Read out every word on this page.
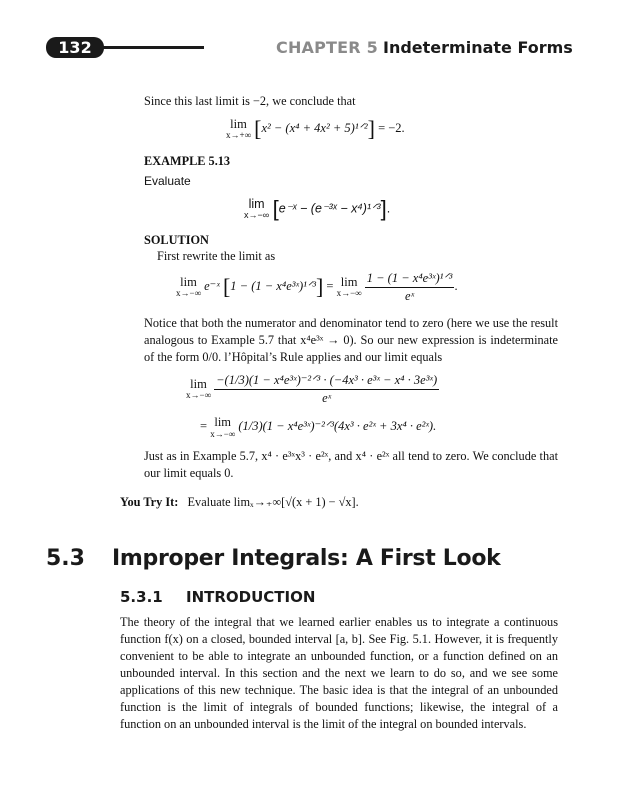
132	CHAPTER 5 Indeterminate Forms
Since this last limit is −2, we conclude that
lim
x→+∞ [x² − (x⁴ + 4x² + 5)¹ᐟ²] = −2.
EXAMPLE 5.13
Evaluate
lim
x→−∞ [e⁻ˣ − (e⁻³ˣ − x⁴)¹ᐟ³].
SOLUTION
First rewrite the limit as
lim
x→−∞
e⁻ˣ [1 − (1 − x⁴e³ˣ)¹ᐟ³] = lim
x→−∞
$\frac{\text{1 − (1 − x⁴e³ˣ)¹ᐟ³}}{\text{eˣ}}$ .
Notice that both the numerator and denominator tend to zero (here we use the result analogous to Example 5.7 that x⁴e³ˣ → 0). So our new expression is indeterminate of the form 0/0. l’Hôpital’s Rule applies and our limit equals
lim
x→−∞
$\frac{\text{−(1/3)(1 − x⁴e³ˣ)⁻²ᐟ³ · (−4x³ · e³ˣ − x⁴ · 3e³ˣ)}}{\text{eˣ}}$
= lim
x→−∞
(1/3)(1 − x⁴e³ˣ)⁻²ᐟ³(4x³ · e²ˣ + 3x⁴ · e²ˣ).
Just as in Example 5.7, x⁴ · e³ˣx³ · e²ˣ, and x⁴ · e²ˣ all tend to zero. We conclude that our limit equals 0.
You Try It: Evaluate limₓ→₊∞[√(x + 1) − √x].
5.3 Improper Integrals: A First Look
5.3.1 INTRODUCTION
The theory of the integral that we learned earlier enables us to integrate a continuous function f(x) on a closed, bounded interval [a, b]. See Fig. 5.1. However, it is frequently convenient to be able to integrate an unbounded function, or a function defined on an unbounded interval. In this section and the next we learn to do so, and we see some applications of this new technique. The basic idea is that the integral of an unbounded function is the limit of integrals of bounded functions; likewise, the integral of a function on an unbounded interval is the limit of the integral on bounded intervals.
